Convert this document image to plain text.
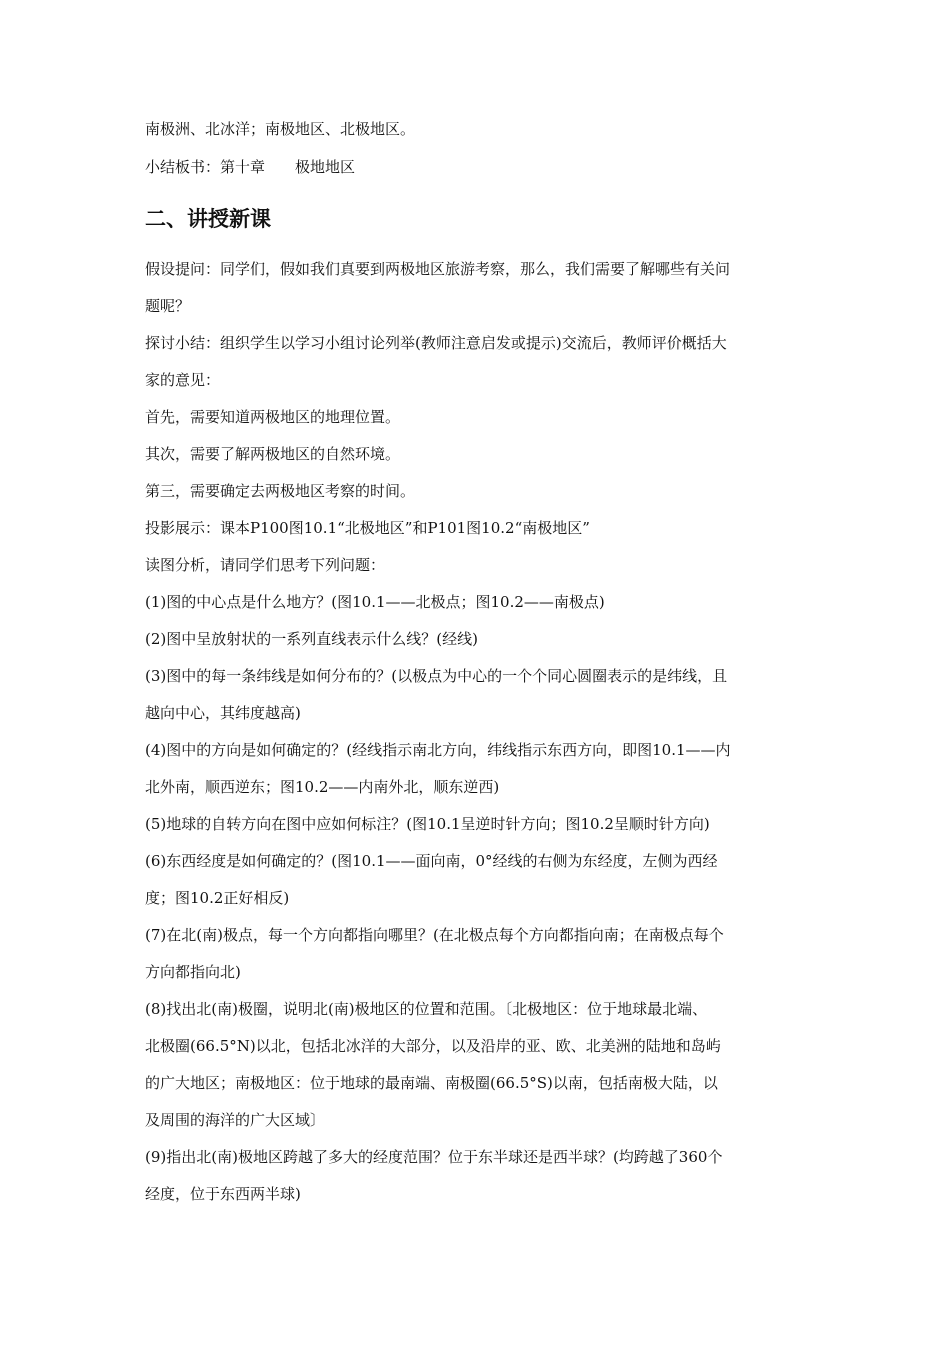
南极洲、北冰洋；南极地区、北极地区。
小结板书：第十章　　极地地区
二、讲授新课
假设提问：同学们，假如我们真要到两极地区旅游考察，那么，我们需要了解哪些有关问
题呢？
探讨小结：组织学生以学习小组讨论列举(教师注意启发或提示)交流后，教师评价概括大
家的意见：
首先，需要知道两极地区的地理位置。
其次，需要了解两极地区的自然环境。
第三，需要确定去两极地区考察的时间。
投影展示：课本P100图10.1“北极地区”和P101图10.2“南极地区”
读图分析，请同学们思考下列问题：
(1)图的中心点是什么地方？(图10.1——北极点；图10.2——南极点)
(2)图中呈放射状的一系列直线表示什么线？(经线)
(3)图中的每一条纬线是如何分布的？(以极点为中心的一个个同心圆圈表示的是纬线，且
越向中心，其纬度越高)
(4)图中的方向是如何确定的？(经线指示南北方向，纬线指示东西方向，即图10.1——内
北外南，顺西逆东；图10.2——内南外北，顺东逆西)
(5)地球的自转方向在图中应如何标注？(图10.1呈逆时针方向；图10.2呈顺时针方向)
(6)东西经度是如何确定的？(图10.1——面向南，0°经线的右侧为东经度，左侧为西经
度；图10.2正好相反)
(7)在北(南)极点，每一个方向都指向哪里？(在北极点每个方向都指向南；在南极点每个
方向都指向北)
(8)找出北(南)极圈，说明北(南)极地区的位置和范围。〔北极地区：位于地球最北端、
北极圈(66.5°N)以北，包括北冰洋的大部分，以及沿岸的亚、欧、北美洲的陆地和岛屿
的广大地区；南极地区：位于地球的最南端、南极圈(66.5°S)以南，包括南极大陆，以
及周围的海洋的广大区域〕
(9)指出北(南)极地区跨越了多大的经度范围？位于东半球还是西半球？(均跨越了360个
经度，位于东西两半球)
